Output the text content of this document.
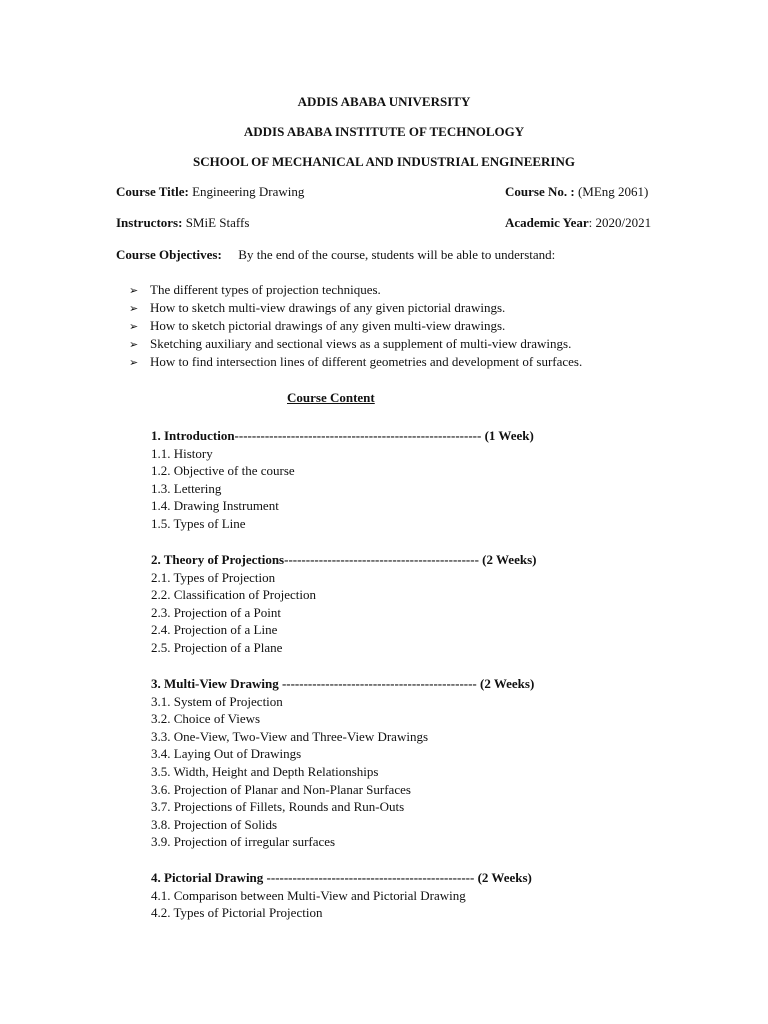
ADDIS ABABA UNIVERSITY
ADDIS ABABA INSTITUTE OF TECHNOLOGY
SCHOOL OF MECHANICAL AND INDUSTRIAL ENGINEERING
Course Title: Engineering Drawing	Course No. : (MEng 2061)
Instructors: SMiE Staffs	Academic Year: 2020/2021
Course Objectives: By the end of the course, students will be able to understand:
➢ The different types of projection techniques.
➢ How to sketch multi-view drawings of any given pictorial drawings.
➢ How to sketch pictorial drawings of any given multi-view drawings.
➢ Sketching auxiliary and sectional views as a supplement of multi-view drawings.
➢ How to find intersection lines of different geometries and development of surfaces.
Course Content
1. Introduction--------------------------------------------------------- (1 Week)
1.1. History
1.2. Objective of the course
1.3. Lettering
1.4. Drawing Instrument
1.5. Types of Line
2. Theory of Projections--------------------------------------------- (2 Weeks)
2.1. Types of Projection
2.2. Classification of Projection
2.3. Projection of a Point
2.4. Projection of a Line
2.5. Projection of a Plane
3. Multi-View Drawing --------------------------------------------- (2 Weeks)
3.1. System of Projection
3.2. Choice of Views
3.3. One-View, Two-View and Three-View Drawings
3.4. Laying Out of Drawings
3.5. Width, Height and Depth Relationships
3.6. Projection of Planar and Non-Planar Surfaces
3.7. Projections of Fillets, Rounds and Run-Outs
3.8. Projection of Solids
3.9. Projection of irregular surfaces
4. Pictorial Drawing ------------------------------------------------ (2 Weeks)
4.1. Comparison between Multi-View and Pictorial Drawing
4.2. Types of Pictorial Projection
